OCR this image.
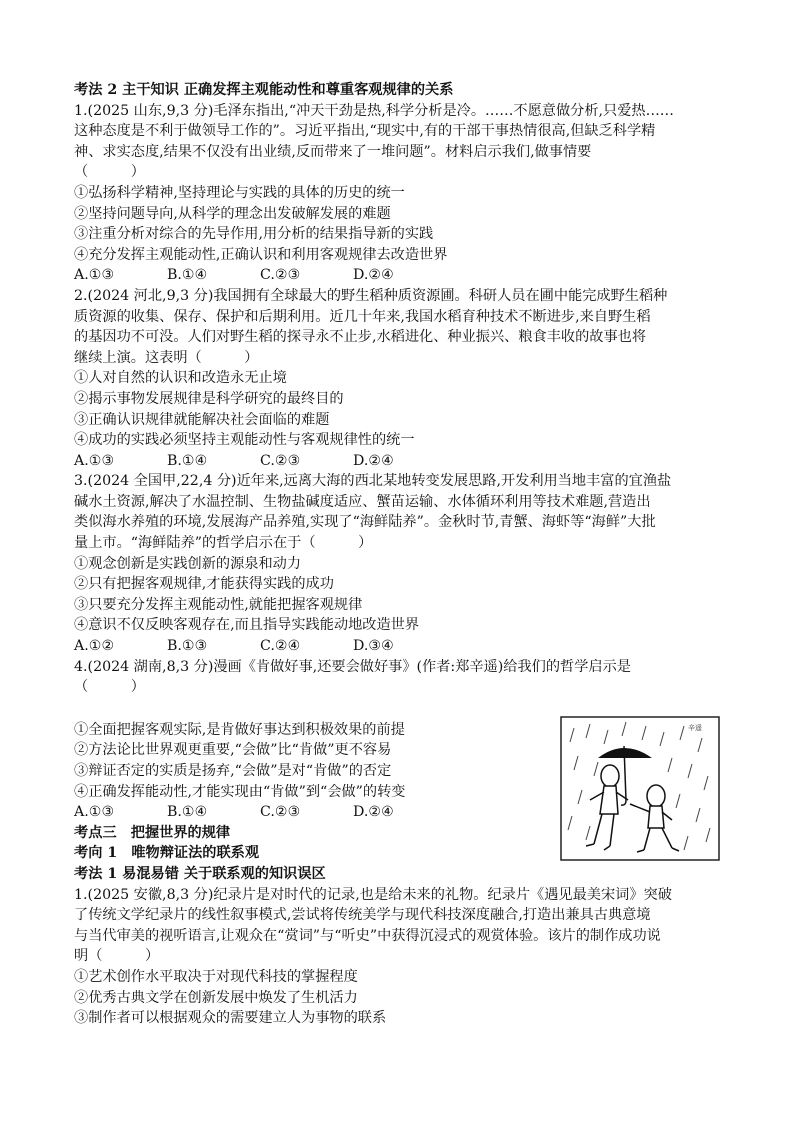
考法 2 主干知识 正确发挥主观能动性和尊重客观规律的关系
1.(2025 山东,9,3 分)毛泽东指出,“冲天干劲是热,科学分析是冷。……不愿意做分析,只爱热……
这种态度是不利于做领导工作的”。习近平指出,“现实中,有的干部干事热情很高,但缺乏科学精
神、求实态度,结果不仅没有出业绩,反而带来了一堆问题”。材料启示我们,做事情要
（　　　）
①弘扬科学精神,坚持理论与实践的具体的历史的统一
②坚持问题导向,从科学的理念出发破解发展的难题
③注重分析对综合的先导作用,用分析的结果指导新的实践
④充分发挥主观能动性,正确认识和利用客观规律去改造世界
A.①③	B.①④	C.②③	D.②④
2.(2024 河北,9,3 分)我国拥有全球最大的野生稻种质资源圃。科研人员在圃中能完成野生稻种
质资源的收集、保存、保护和后期利用。近几十年来,我国水稻育种技术不断进步,来自野生稻
的基因功不可没。人们对野生稻的探寻永不止步,水稻进化、种业振兴、粮食丰收的故事也将
继续上演。这表明（　　　）
①人对自然的认识和改造永无止境
②揭示事物发展规律是科学研究的最终目的
③正确认识规律就能解决社会面临的难题
④成功的实践必须坚持主观能动性与客观规律性的统一
A.①③	B.①④	C.②③	D.②④
3.(2024 全国甲,22,4 分)近年来,远离大海的西北某地转变发展思路,开发利用当地丰富的宜渔盐
碱水土资源,解决了水温控制、生物盐碱度适应、蟹苗运输、水体循环利用等技术难题,营造出
类似海水养殖的环境,发展海产品养殖,实现了“海鲜陆养”。金秋时节,青蟹、海虾等“海鲜”大批
量上市。“海鲜陆养”的哲学启示在于（　　　）
①观念创新是实践创新的源泉和动力
②只有把握客观规律,才能获得实践的成功
③只要充分发挥主观能动性,就能把握客观规律
④意识不仅反映客观存在,而且指导实践能动地改造世界
A.①②	B.①③	C.②④	D.③④
4.(2024 湖南,8,3 分)漫画《肯做好事,还要会做好事》(作者:郑辛遥)给我们的哲学启示是
（　　　）
①全面把握客观实际,是肯做好事达到积极效果的前提
②方法论比世界观更重要,“会做”比“肯做”更不容易
③辩证否定的实质是扬弃,“会做”是对“肯做”的否定
④正确发挥能动性,才能实现由“肯做”到“会做”的转变
A.①③	B.①④	C.②③	D.②④
考点三　把握世界的规律
考向 1　唯物辩证法的联系观
考法 1 易混易错 关于联系观的知识误区
1.(2025 安徽,8,3 分)纪录片是对时代的记录,也是给未来的礼物。纪录片《遇见最美宋词》突破
了传统文学纪录片的线性叙事模式,尝试将传统美学与现代科技深度融合,打造出兼具古典意境
与当代审美的视听语言,让观众在“赏词”与“听史”中获得沉浸式的观赏体验。该片的制作成功说
明（　　　）
①艺术创作水平取决于对现代科技的掌握程度
②优秀古典文学在创新发展中焕发了生机活力
③制作者可以根据观众的需要建立人为事物的联系
辛遥
